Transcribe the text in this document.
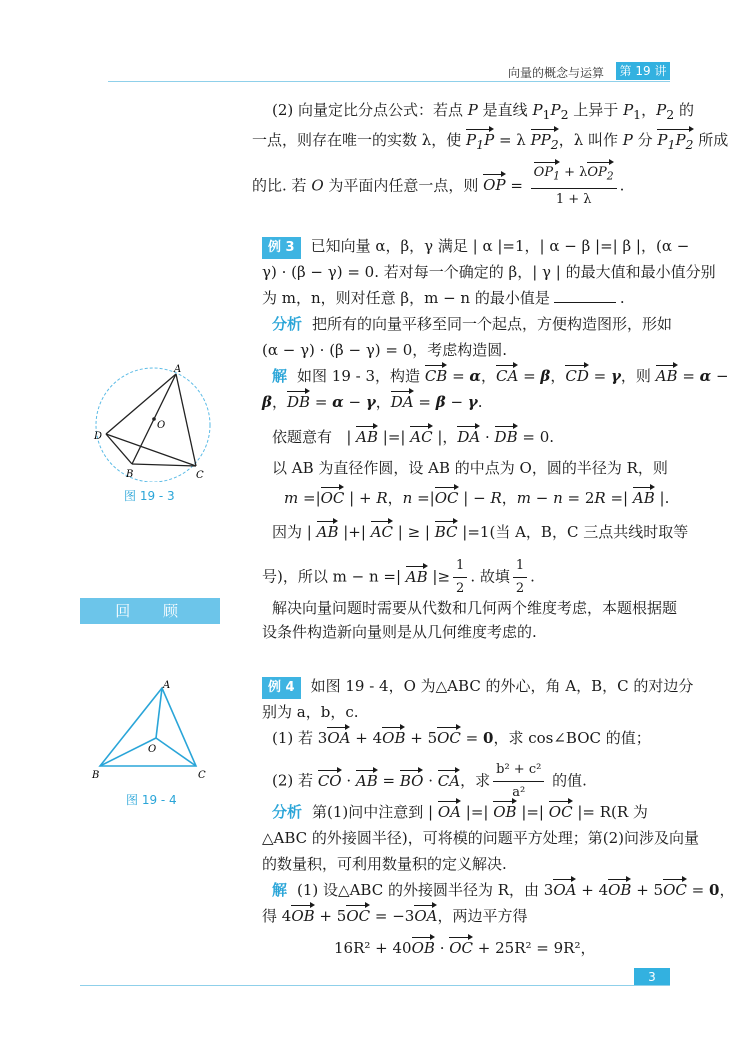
向量的概念与运算 第 19 讲
(2) 向量定比分点公式：若点 P 是直线 $P_1P_2$ 上异于 $P_1$，$P_2$ 的
一点，则存在唯一的实数 λ，使 $P_1P = \lambda$ $PP_2$，λ 叫作 P 分 $P_1P_2$ 所成
的比. 若 O 为平面内任意一点，则 OP = $\frac{OP_1 + \lambda OP_2}{1 + \lambda}$ .
例 3 已知向量 α，β，γ 满足 | α |=1，| α − β |=| β |，(α −
γ) · (β − γ) = 0. 若对每一个确定的 β，| γ | 的最大值和最小值分别
为 m，n，则对任意 β，m − n 的最小值是	.
分析 把所有的向量平移至同一个起点，方便构造图形，形如
(α − γ) · (β − γ) = 0，考虑构造圆.
解 如图 19 - 3，构造 CB = α，CA = β，CD = γ，则 AB = α −
β，DB = α − γ，DA = β − γ.
依题意有   | AB |=| AC |，DA · DB = 0.
以 AB 为直径作圆，设 AB 的中点为 O，圆的半径为 R，则
m =|OC | + R，n =|OC | − R，m − n = 2R =| AB |.
因为 | AB |+| AC | ≥ | BC |=1(当 A，B，C 三点共线时取等
号)，所以 m − n =| AB |≥ $\frac{1}{2}$ . 故填 $\frac{1}{2}$ .
回 顾	解决向量问题时需要从代数和几何两个维度考虑，本题根据题
设条件构造新向量则是从几何维度考虑的.
例 4 如图 19 - 4，O 为△ABC 的外心，角 A，B，C 的对边分
别为 a，b，c.
(1) 若 3OA + 4OB + 5OC = 0，求 cos∠BOC 的值；
(2) 若 CO · AB = BO · CA，求 $\frac{\text{b² + c²}}{\text{a²}}$ 的值.
分析 第(1)问中注意到 | OA |=| OB |=| OC |= R(R 为
△ABC 的外接圆半径)，可将模的问题平方处理；第(2)问涉及向量
的数量积，可利用数量积的定义解决.
解 (1) 设△ABC 的外接圆半径为 R，由 3OA + 4OB + 5OC = 0，
得 4OB + 5OC = −3OA，两边平方得
16R² + 40OB · OC + 25R² = 9R²，
A
O
D
B	C
图 19 - 3
A
O
B	C
图 19 - 4
3
